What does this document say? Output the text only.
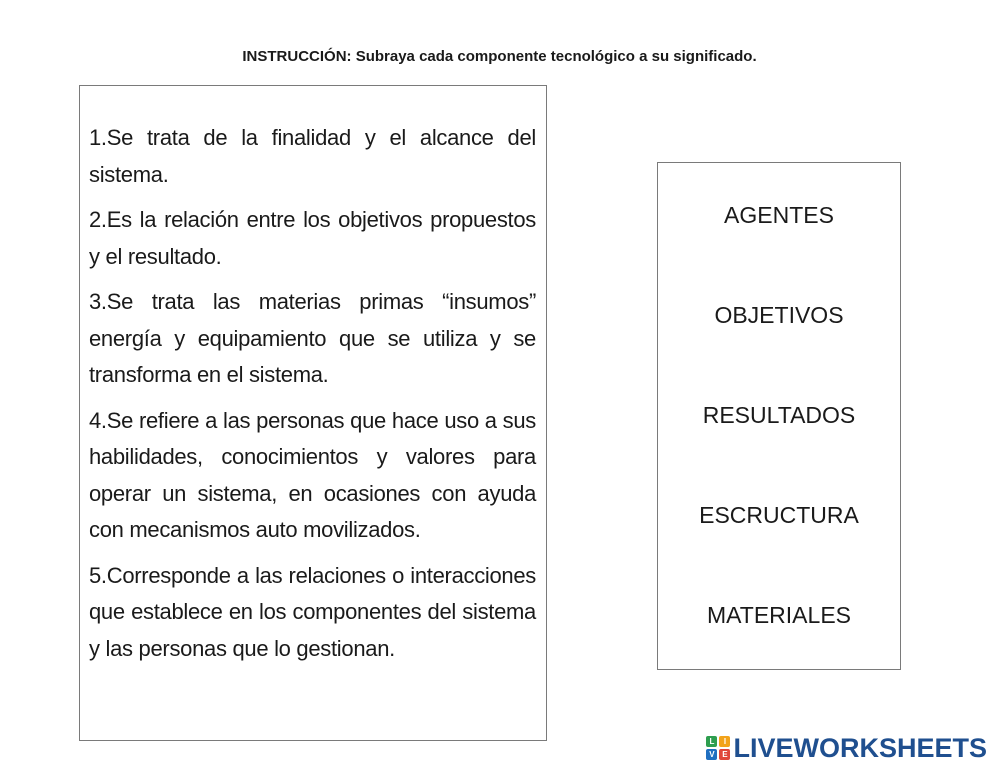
INSTRUCCIÓN: Subraya cada componente tecnológico a su significado.
1.Se trata de la finalidad y el alcance del sistema.
2.Es la relación entre los objetivos propuestos y el resultado.
3.Se trata las materias primas “insumos” energía y equipamiento que se utiliza y se transforma en el sistema.
4.Se refiere a las personas que hace uso a sus habilidades, conocimientos y valores para operar un sistema, en ocasiones con ayuda con mecanismos auto movilizados.
5.Corresponde a las relaciones o interacciones que establece en los componentes del sistema y las personas que lo gestionan.
AGENTES
OBJETIVOS
RESULTADOS
ESCRUCTURA
MATERIALES
L	I
V E LIVEWORKSHEETS
